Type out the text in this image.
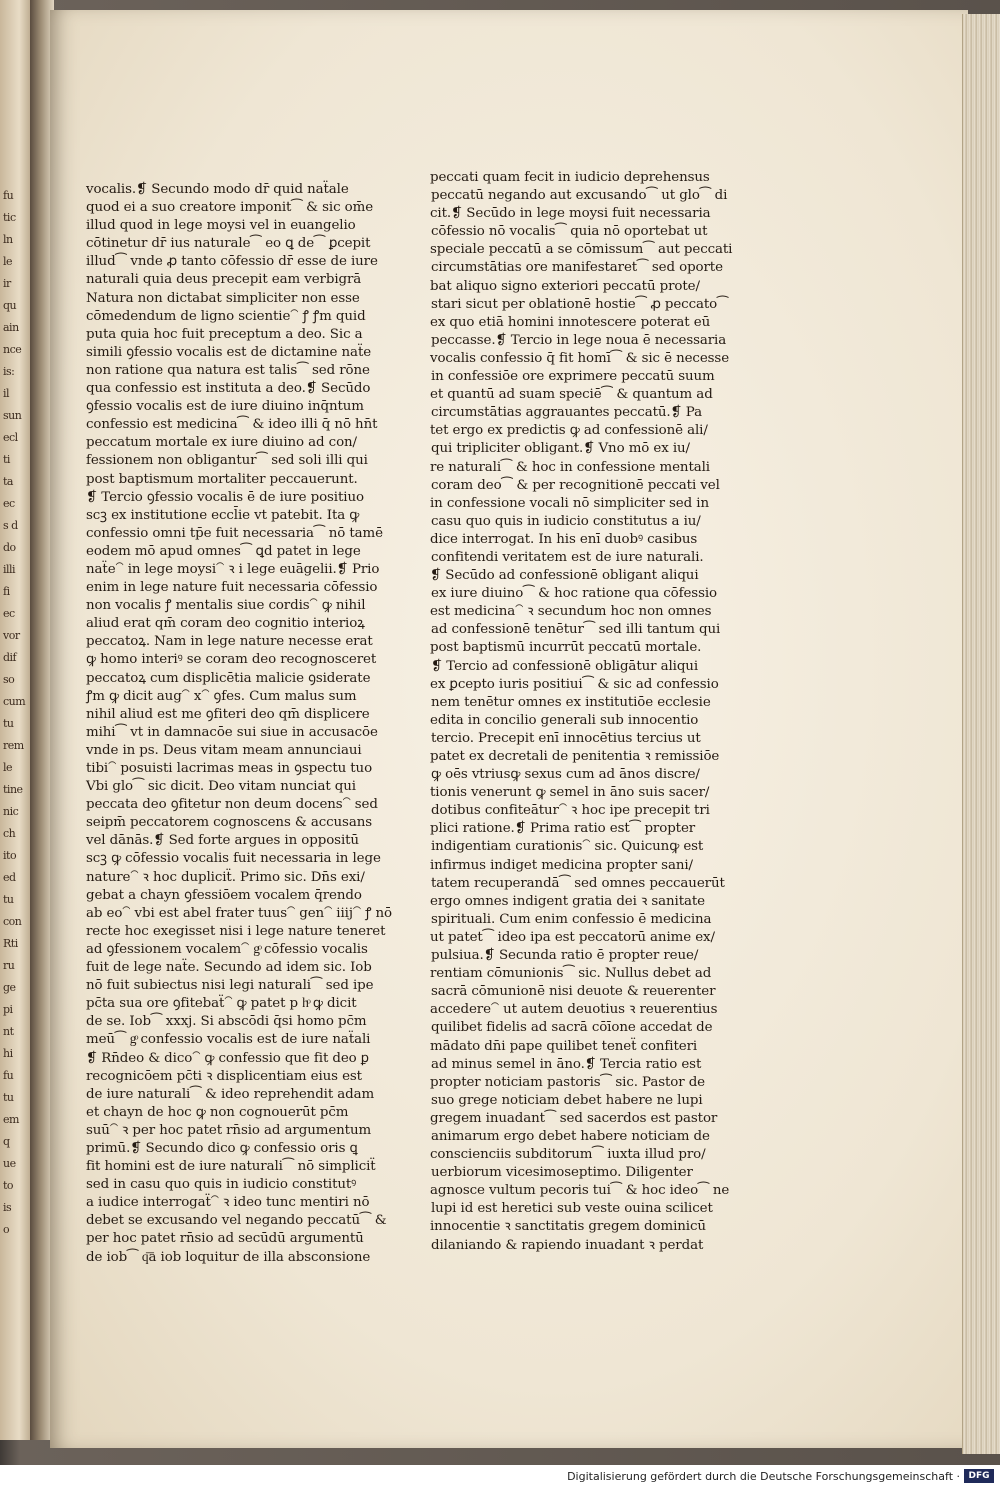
fu
tic
ln
le
ir
qu
ain
nce
is:
il
sun
ecl
ti
ta
ec
s d
do
illi
fi
ec
vor
dif
so
cum
tu
rem
le
tine
nic
ch
ito
ed
tu
con
Rti
ru
ge
pi
nt
hi
fu
tu
em
q
ue
to
is
o
vocalis.❡ Secundo modo dr̄ quid naẗale
quod ei a suo creatore imponit⁀ & sic om̄e
illud quod in lege moysi vel in euangelio
cōtinetur dr̄ ius naturale⁀ eo ꝗ de⁀ ꝑcepit
illud⁀ vnde ꝓ tanto cōfessio dr̄ esse de iure
naturali quia deus precepit eam verbigrā
Natura non dictabat simpliciter non esse
cōmedendum de ligno scientie⁀ ꝭ ꝭm quid
puta quia hoc fuit preceptum a deo. Sic a
simili ꝯfessio vocalis est de dictamine naẗe
non ratione qua natura est talis⁀ sed rōne
qua confessio est instituta a deo.❡ Secūdo
ꝯfessio vocalis est de iure diuino inq̄ntum
confessio est medicina⁀ & ideo illi q̄ nō hn̄t
peccatum mortale ex iure diuino ad con/
fessionem non obligantur⁀ sed soli illi qui
post baptismum mortaliter peccauerunt.
❡ Tercio ꝯfessio vocalis ē de iure positiuo
scꝫ ex institutione eccl̄ie vt patebit. Ita ꝙ
confessio omni tp̄e fuit necessaria⁀ nō tamē
eodem mō apud omnes⁀ ꝗd patet in lege
naẗe⁀ in lege moysi⁀ ꝛ i lege euāgelii.❡ Prio
enim in lege nature fuit necessaria cōfessio
non vocalis ꝭ mentalis siue cordis⁀ ꝙ nihil
aliud erat qm̄ coram deo cognitio interioꝝ
peccatoꝝ. Nam in lege nature necesse erat
ꝙ homo interiꝰ se coram deo recognosceret
peccatoꝝ cum displicētia malicie ꝯsiderate
ꝭm ꝙ dicit aug⁀ x⁀ ꝯfes. Cum malus sum
nihil aliud est me ꝯfiteri deo qm̄ displicere
mihi⁀ vt in damnacōe sui siue in accusacōe
vnde in ps. Deus vitam meam annunciaui
tibi⁀ posuisti lacrimas meas in ꝯspectu tuo
Vbi glo⁀ sic dicit. Deo vitam nunciat qui
peccata deo ꝯfitetur non deum docens⁀ sed
seipm̄ peccatorem cognoscens & accusans
vel dānās.❡ Sed forte argues in oppositū
scꝫ ꝙ cōfessio vocalis fuit necessaria in lege
nature⁀ ꝛ hoc dupliciẗ. Primo sic. Dn̄s exi/
gebat a chayn ꝯfessiōem vocalem q̄rendo
ab eo⁀ vbi est abel frater tuus⁀ gen⁀ iiij⁀ ꝭ nō
recte hoc exegisset nisi i lege nature teneret
ad ꝯfessionem vocalem⁀ gͦ cōfessio vocalis
fuit de lege naẗe. Secundo ad idem sic. Iob
nō fuit subiectus nisi legi naturali⁀ sed ipe
pc̄ta sua ore ꝯfitebaẗ⁀ ꝙ patet p hͦ ꝙ dicit
de se. Iob⁀ xxxj. Si abscōdi q̄si homo pc̄m
meū⁀ gͦ confessio vocalis est de iure naẗali
❡ Rn̄deo & dico⁀ ꝙ confessio que fit deo ꝑ
recognicōem pc̄ti ꝛ displicentiam eius est
de iure naturali⁀ & ideo reprehendit adam
et chayn de hoc ꝙ non cognouerūt pc̄m
suū⁀ ꝛ per hoc patet rn̄sio ad argumentum
primū.❡ Secundo dico ꝙ confessio oris ꝗ
fit homini est de iure naturali⁀ nō simpliciẗ
sed in casu quo quis in iudicio constitutꝰ
a iudice interrogaẗ⁀ ꝛ ideo tunc mentiri nō
debet se excusando vel negando peccatū⁀ &
per hoc patet rn̄sio ad secūdū argumentū
de iob⁀ q͞a iob loquitur de illa absconsione
peccati quam fecit in iudicio deprehensus
peccatū negando aut excusando⁀ ut glo⁀ di
cit.❡ Secūdo in lege moysi fuit necessaria
cōfessio nō vocalis⁀ quia nō oportebat ut
speciale peccatū a se cōmissum⁀ aut peccati
circumstātias ore manifestaret⁀ sed oporte
bat aliquo signo exteriori peccatū prote/
stari sicut per oblationē hostie⁀ ꝓ peccato⁀
ex quo etiā homini innotescere poterat eū
peccasse.❡ Tercio in lege noua ē necessaria
vocalis confessio q̄ fit homī⁀ & sic ē necesse
in confessiōe ore exprimere peccatū suum
et quantū ad suam speciē⁀ & quantum ad
circumstātias aggrauantes peccatū.❡ Pa
tet ergo ex predictis ꝙ ad confessionē ali/
qui tripliciter obligant.❡ Vno mō ex iu/
re naturali⁀ & hoc in confessione mentali
coram deo⁀ & per recognitionē peccati vel
in confessione vocali nō simpliciter sed in
casu quo quis in iudicio constitutus a iu/
dice interrogat. In his enī duobꝰ casibus
confitendi veritatem est de iure naturali.
❡ Secūdo ad confessionē obligant aliqui
ex iure diuino⁀ & hoc ratione qua cōfessio
est medicina⁀ ꝛ secundum hoc non omnes
ad confessionē tenētur⁀ sed illi tantum qui
post baptismū incurrūt peccatū mortale.
❡ Tercio ad confessionē obligātur aliqui
ex ꝑcepto iuris positiui⁀ & sic ad confessio
nem tenētur omnes ex institutiōe ecclesie
edita in concilio generali sub innocentio
tercio. Precepit enī innocētius tercius ut
patet ex decretali de penitentia ꝛ remissiōe
ꝙ oēs vtriusꝙ sexus cum ad ānos discre/
tionis venerunt ꝙ semel in āno suis sacer/
dotibus confiteātur⁀ ꝛ hoc ipe precepit tri
plici ratione.❡ Prima ratio est⁀ propter
indigentiam curationis⁀ sic. Quicunꝙ est
infirmus indiget medicina propter sani/
tatem recuperandā⁀ sed omnes peccauerūt
ergo omnes indigent gratia dei ꝛ sanitate
spirituali. Cum enim confessio ē medicina
ut patet⁀ ideo ipa est peccatorū anime ex/
pulsiua.❡ Secunda ratio ē propter reue/
rentiam cōmunionis⁀ sic. Nullus debet ad
sacrā cōmunionē nisi deuote & reuerenter
accedere⁀ ut autem deuotius ꝛ reuerentius
quilibet fidelis ad sacrā cōīone accedat de
mādato dn̄i pape quilibet teneẗ confiteri
ad minus semel in āno.❡ Tercia ratio est
propter noticiam pastoris⁀ sic. Pastor de
suo grege noticiam debet habere ne lupi
gregem inuadant⁀ sed sacerdos est pastor
animarum ergo debet habere noticiam de
conscienciis subditorum⁀ iuxta illud pro/
uerbiorum vicesimoseptimo. Diligenter
agnosce vultum pecoris tui⁀ & hoc ideo⁀ ne
lupi id est heretici sub veste ouina scilicet
innocentie ꝛ sanctitatis gregem dominicū
dilaniando & rapiendo inuadant ꝛ perdat
Digitalisierung gefördert durch die Deutsche Forschungsgemeinschaft · DFG
